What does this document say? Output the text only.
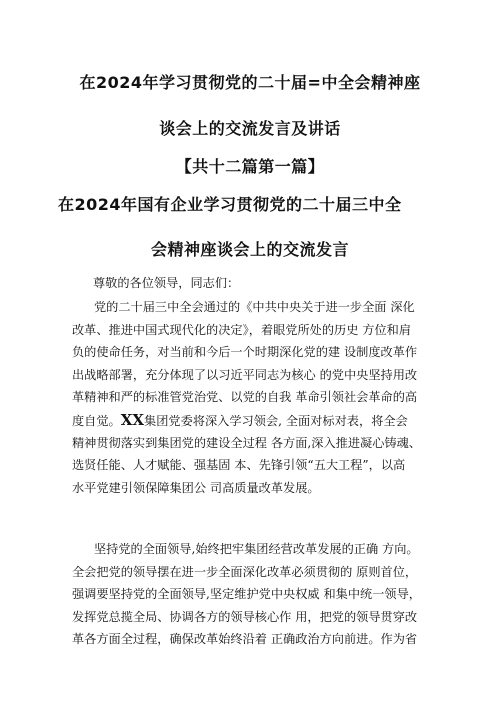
在2024年学习贯彻党的二十届=中全会精神座
谈会上的交流发言及讲话
【共十二篇第一篇】
在2024年国有企业学习贯彻党的二十届三中全
会精神座谈会上的交流发言
尊敬的各位领导，同志们：
党的二十届三中全会通过的《中共中央关于进一步全面 深化
改革、推进中国式现代化的决定》，着眼党所处的历史 方位和肩
负的使命任务，对当前和今后一个时期深化党的建 设制度改革作
出战略部署，充分体现了以习近平同志为核心 的党中央坚持用改
革精神和严的标准管党治党、以党的自我 革命引领社会革命的高
度自觉。XX集团党委将深入学习领会, 全面对标对表，将全会
精神贯彻落实到集团党的建设全过程 各方面,深入推进凝心铸魂、
选贤任能、人才赋能、强基固 本、先锋引领“五大工程”，以高
水平党建引领保障集团公 司高质量改革发展。
坚持党的全面领导,始终把牢集团经营改革发展的正确 方向。
全会把党的领导摆在进一步全面深化改革必须贯彻的 原则首位，
强调要坚持党的全面领导,坚定维护党中央权威 和集中统一领导，
发挥党总揽全局、协调各方的领导核心作 用，把党的领导贯穿改
革各方面全过程，确保改革始终沿着 正确政治方向前进。作为省
